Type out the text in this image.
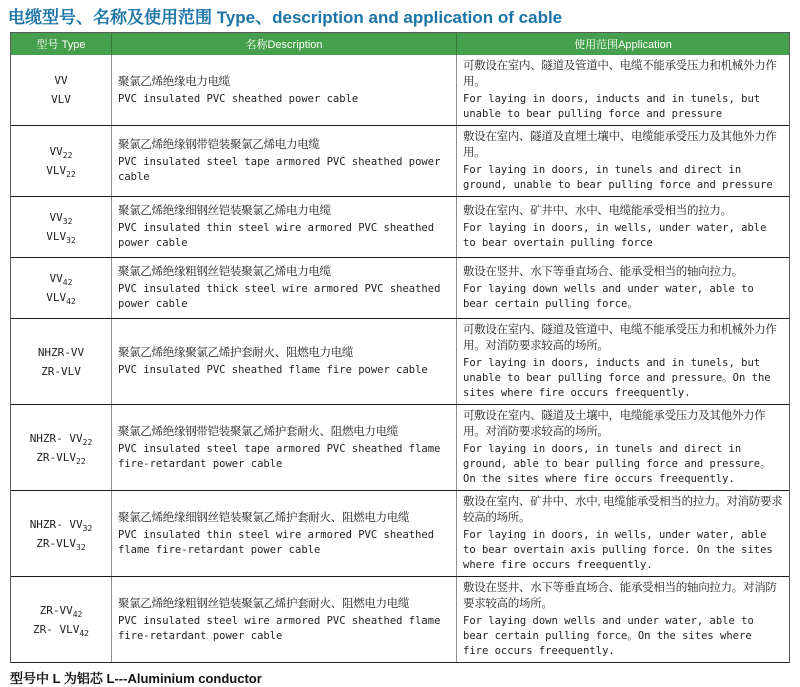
电缆型号、名称及使用范围 Type、description and application of cable
型号 Type	名称Description	使用范围Application
VV
VLV
聚氯乙烯绝缘电力电缆
PVC insulated PVC sheathed power cable
可敷设在室内、隧道及管道中、电缆不能承受压力和机械外力作用。
For laying in doors, inducts and in tunels, but unable to bear pulling force and pressure
$VV_{22}$
$VLV_{22}$
聚氯乙烯绝缘钢带铠装聚氯乙烯电力电缆
PVC insulated steel tape armored PVC sheathed power cable
敷设在室内、隧道及直埋土壤中、电缆能承受压力及其他外力作用。
For laying in doors, in tunels and direct in ground, unable to bear pulling force and pressure
$VV_{32}$
$VLV_{32}$
聚氯乙烯绝缘细钢丝铠装聚氯乙烯电力电缆
PVC insulated thin steel wire armored PVC sheathed power cable
敷设在室内、矿井中、水中、电缆能承受相当的拉力。
For laying in doors, in wells, under water, able to bear overtain pulling force
$VV_{42}$
$VLV_{42}$
聚氯乙烯绝缘粗钢丝铠装聚氯乙烯电力电缆
PVC insulated thick steel wire armored PVC sheathed power cable
敷设在竖井、水下等垂直场合、能承受相当的轴向拉力。
For laying down wells and under water, able to bear certain pulling force。
NHZR-VV
ZR-VLV
聚氯乙烯绝缘聚氯乙烯护套耐火、阻燃电力电缆
PVC insulated PVC sheathed flame fire power cable
可敷设在室内、隧道及管道中、电缆不能承受压力和机械外力作用。对消防要求较高的场所。
For laying in doors, inducts and in tunels, but unable to bear pulling force and pressure。On the sites where fire occurs freequently.
NHZR- $VV_{22}$
$ZR-VLV_{22}$
聚氯乙烯绝缘钢带铠装聚氯乙烯护套耐火、阻燃电力电缆
PVC insulated steel tape armored PVC sheathed flame fire-retardant power cable
可敷设在室内、隧道及土壤中，电缆能承受压力及其他外力作用。对消防要求较高的场所。
For laying in doors, in tunels and direct in ground, able to bear pulling force and pressure。On the sites where fire occurs freequently.
NHZR- $VV_{32}$
$ZR-VLV_{32}$
聚氯乙烯绝缘细钢丝铠装聚氯乙烯护套耐火、阻燃电力电缆
PVC insulated thin steel wire armored PVC sheathed flame fire-retardant power cable
敷设在室内、矿井中、水中, 电缆能承受相当的拉力。对消防要求较高的场所。
For laying in doors, in wells, under water, able to bear overtain axis pulling force. On the sites where fire occurs freequently.
$ZR-VV_{42}$
ZR- $VLV_{42}$
聚氯乙烯绝缘粗钢丝铠装聚氯乙烯护套耐火、阻燃电力电缆
PVC insulated steel wire armored PVC sheathed flame fire-retardant power cable
敷设在竖井、水下等垂直场合、能承受相当的轴向拉力。对消防要求较高的场所。
For laying down wells and under water, able to bear certain pulling force。On the sites where fire occurs freequently.
型号中 L 为铝芯 L---Aluminium conductor
